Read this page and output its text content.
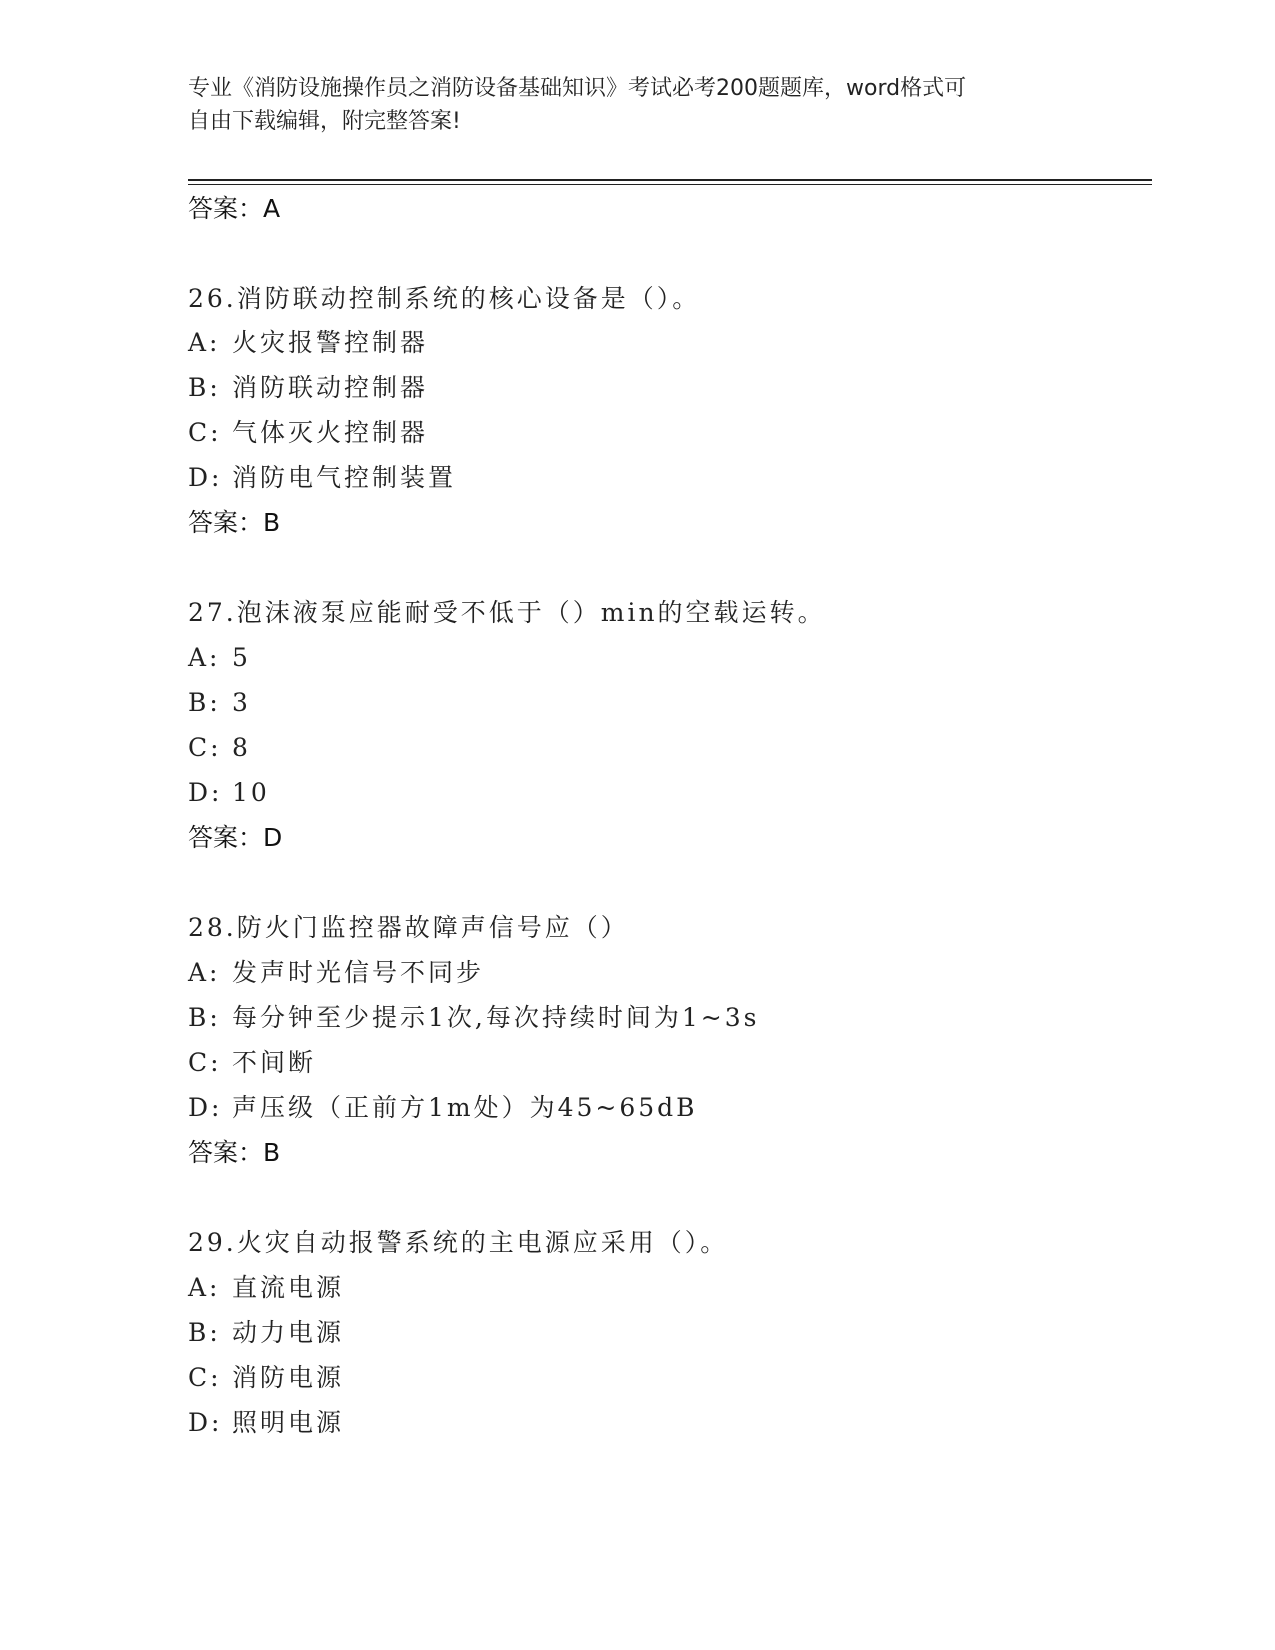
专业《消防设施操作员之消防设备基础知识》考试必考200题题库，word格式可
自由下载编辑，附完整答案!
答案：A
26.消防联动控制系统的核心设备是（）。
A: 火灾报警控制器
B: 消防联动控制器
C: 气体灭火控制器
D: 消防电气控制装置
答案：B
27.泡沫液泵应能耐受不低于（）min的空载运转。
A: 5
B: 3
C: 8
D: 10
答案：D
28.防火门监控器故障声信号应（）
A: 发声时光信号不同步
B: 每分钟至少提示1次,每次持续时间为1~3s
C: 不间断
D: 声压级（正前方1m处）为45~65dB
答案：B
29.火灾自动报警系统的主电源应采用（）。
A: 直流电源
B: 动力电源
C: 消防电源
D: 照明电源
